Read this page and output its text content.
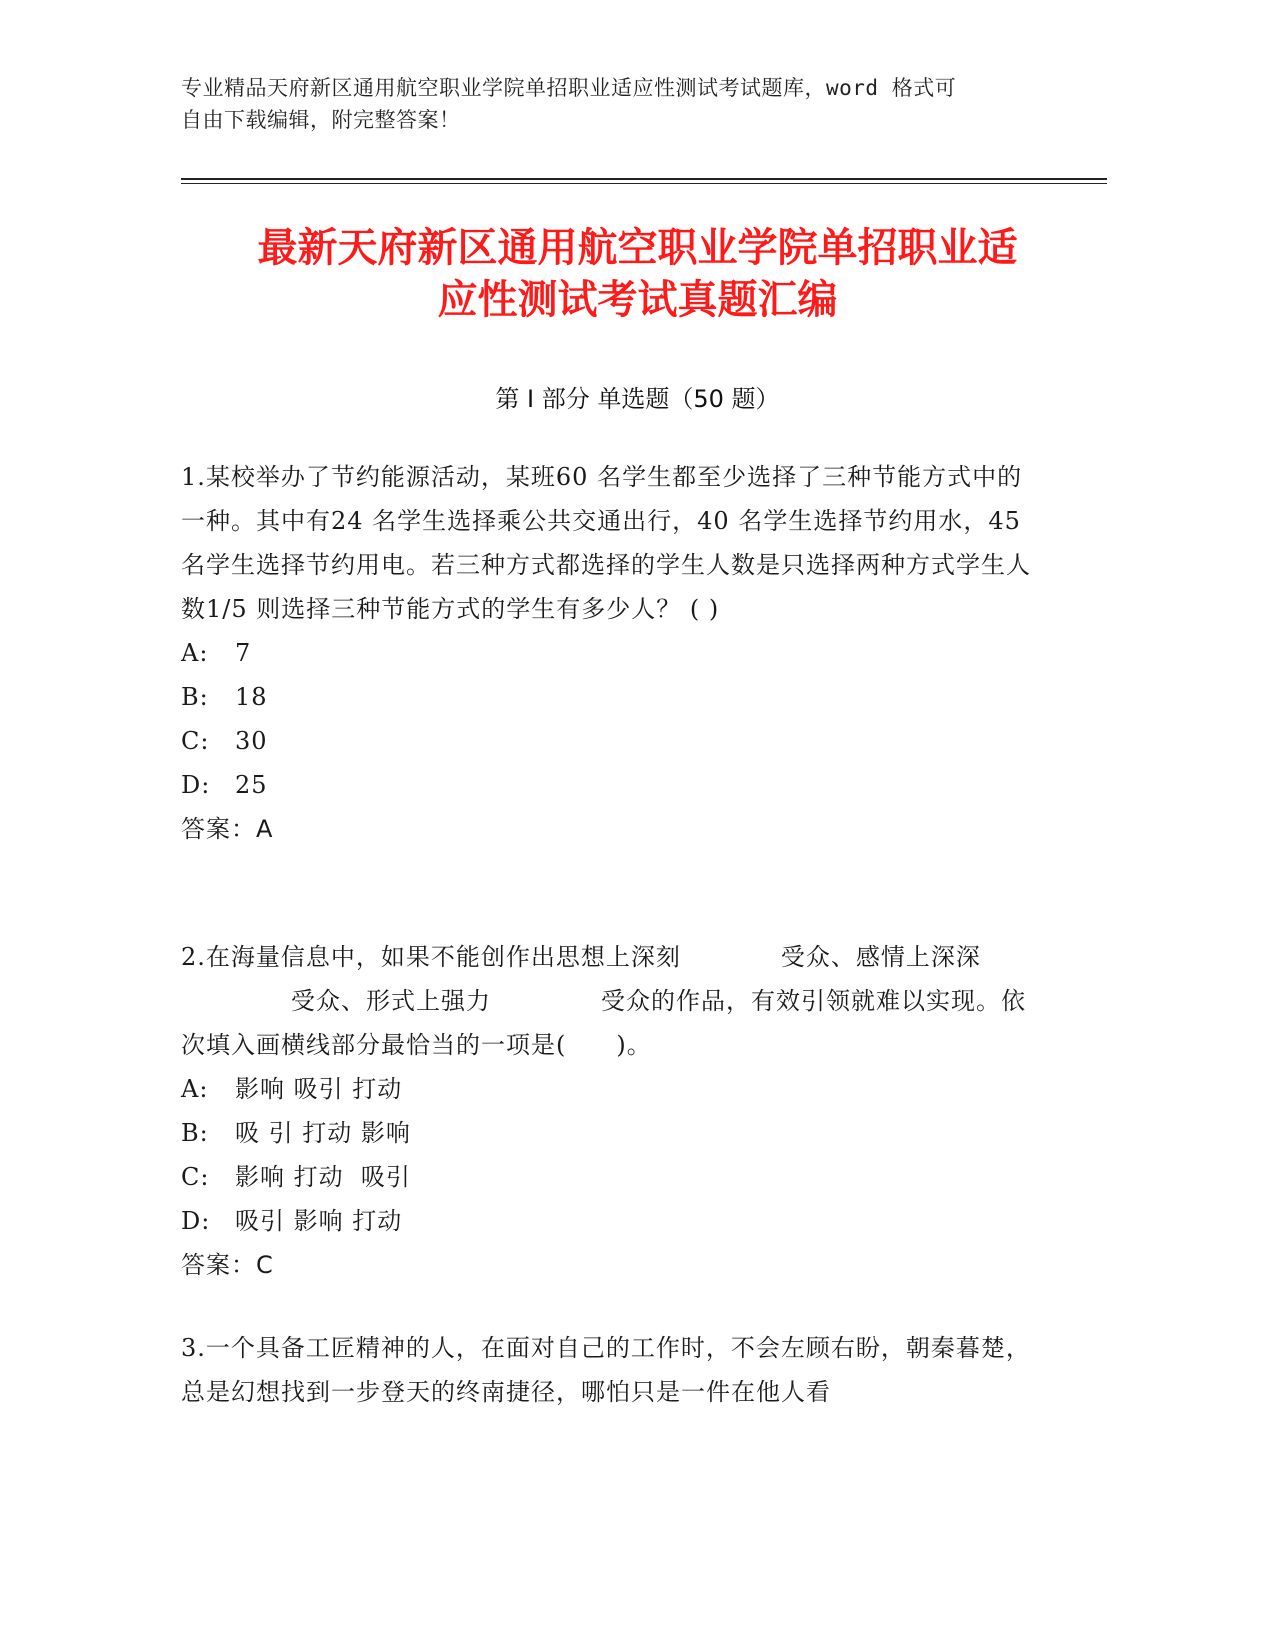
专业精品天府新区通用航空职业学院单招职业适应性测试考试题库，word 格式可
自由下载编辑，附完整答案！
最新天府新区通用航空职业学院单招职业适
应性测试考试真题汇编
第 I 部分 单选题（50 题）

1.某校举办了节约能源活动，某班60 名学生都至少选择了三种节能方式中的一种。其中有24 名学生选择乘公共交通出行，40 名学生选择节约用水，45 名学生选择节约用电。若三种方式都选择的学生人数是只选择两种方式学生人数1/5 则选择三种节能方式的学生有多少人？ ( )

A: 7
B: 18
C: 30
D: 25
答案：A

2.在海量信息中，如果不能创作出思想上深刻	受众、感情上深深受众、形式上强力	受众的作品，有效引领就难以实现。依次填入画横线部分最恰当的一项是( )。

A: 影响 吸引 打动
B: 吸 引 打动 影响
C: 影响 打动  吸引
D: 吸引 影响 打动
答案：C

3.一个具备工匠精神的人，在面对自己的工作时，不会左顾右盼，朝秦暮楚， 总是幻想找到一步登天的终南捷径，哪怕只是一件在他人看
